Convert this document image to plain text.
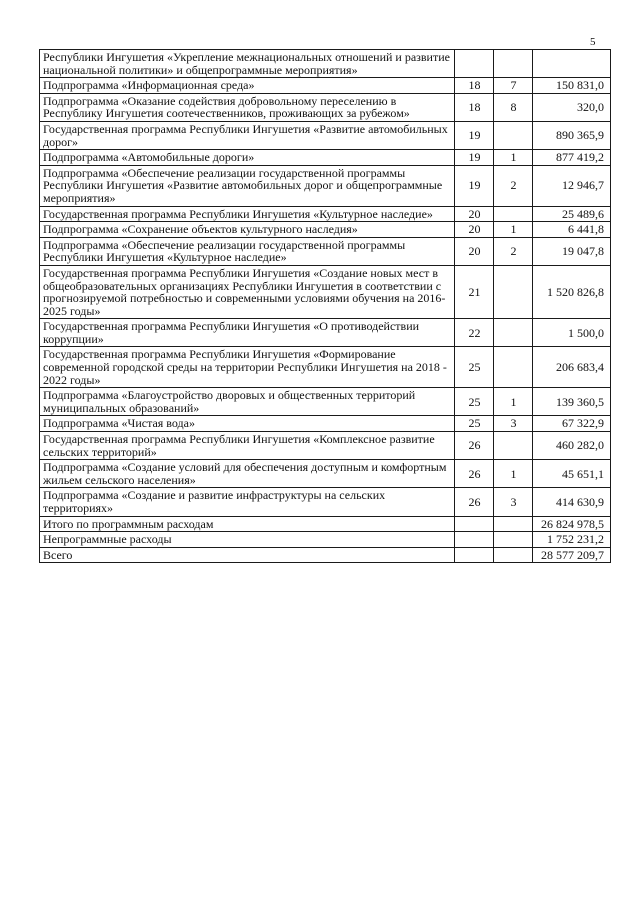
5
Республики Ингушетия «Укрепление межнациональных отношений и развитие национальной политики» и общепрограммные мероприятия»			
Подпрограмма «Информационная среда»	18	7	150 831,0
Подпрограмма «Оказание содействия добровольному переселению в Республику Ингушетия соотечественников, проживающих за рубежом»	18	8	320,0
Государственная программа Республики Ингушетия «Развитие автомобильных дорог»	19		890 365,9
Подпрограмма «Автомобильные дороги»	19	1	877 419,2
Подпрограмма «Обеспечение реализации государственной программы Республики Ингушетия «Развитие автомобильных дорог и общепрограммные мероприятия»	19	2	12 946,7
Государственная программа Республики Ингушетия «Культурное наследие»	20		25 489,6
Подпрограмма «Сохранение объектов культурного наследия»	20	1	6 441,8
Подпрограмма «Обеспечение реализации государственной программы Республики Ингушетия «Культурное наследие»	20	2	19 047,8
Государственная программа Республики Ингушетия «Создание новых мест в общеобразовательных организациях Республики Ингушетия в соответствии с прогнозируемой потребностью и современными условиями обучения на 2016-2025 годы»	21		1 520 826,8
Государственная программа Республики Ингушетия «О противодействии коррупции»	22		1 500,0
Государственная программа Республики Ингушетия «Формирование современной городской среды на территории Республики Ингушетия на 2018 - 2022 годы»	25		206 683,4
Подпрограмма «Благоустройство дворовых и общественных территорий муниципальных образований»	25	1	139 360,5
Подпрограмма «Чистая вода»	25	3	67 322,9
Государственная программа Республики Ингушетия «Комплексное развитие сельских территорий»	26		460 282,0
Подпрограмма «Создание условий для обеспечения доступным и комфортным жильем сельского населения»	26	1	45 651,1
Подпрограмма «Создание и развитие инфраструктуры на сельских территориях»	26	3	414 630,9
Итого по программным расходам			26 824 978,5
Непрограммные расходы			1 752 231,2
Всего			28 577 209,7
